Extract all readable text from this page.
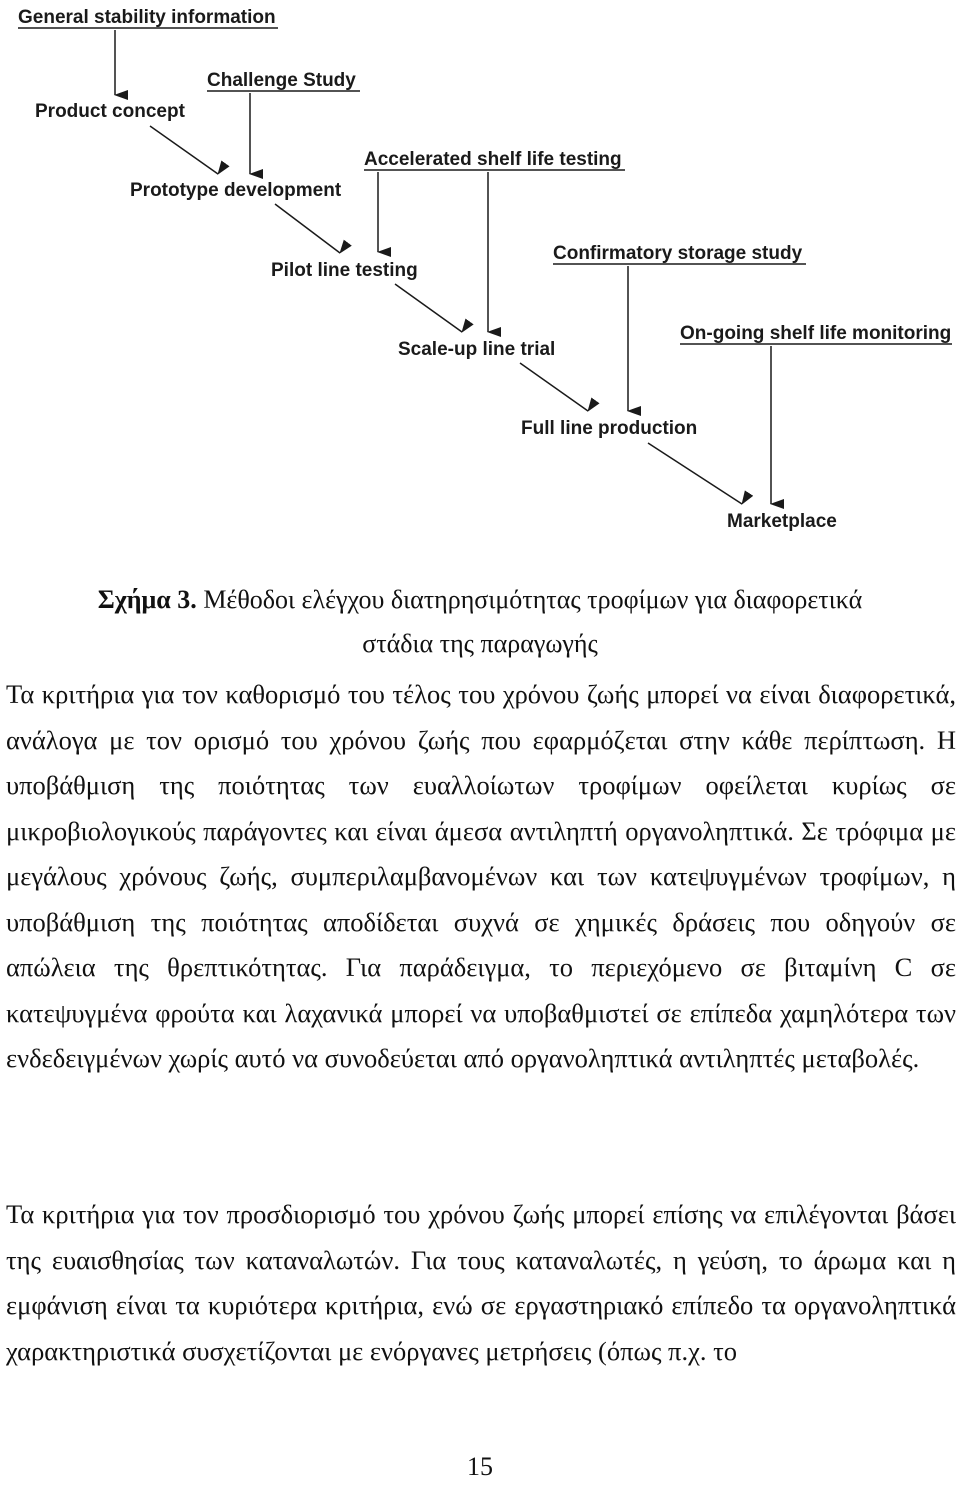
General stability information
Challenge Study
Accelerated shelf life testing
Confirmatory storage study
On-going shelf life monitoring
Product concept
Prototype development
Pilot line testing
Scale-up line trial
Full line production
Marketplace
Σχήμα 3. Μέθοδοι ελέγχου διατηρησιμότητας τροφίμων για διαφορετικά
στάδια της παραγωγής

Τα κριτήρια για τον καθορισμό του τέλος του χρόνου ζωής μπορεί να είναι διαφορετικά, ανάλογα με τον ορισμό του χρόνου ζωής που εφαρμόζεται στην κάθε περίπτωση. Η υποβάθμιση της ποιότητας των ευαλλοίωτων τροφίμων οφείλεται κυρίως σε μικροβιολογικούς παράγοντες και είναι άμεσα αντιληπτή οργανοληπτικά. Σε τρόφιμα με μεγάλους χρόνους ζωής, συμπεριλαμβανομένων και των κατεψυγμένων τροφίμων, η υποβάθμιση της ποιότητας αποδίδεται συχνά σε χημικές δράσεις που οδηγούν σε απώλεια της θρεπτικότητας. Για παράδειγμα, το περιεχόμενο σε βιταμίνη C σε κατεψυγμένα φρούτα και λαχανικά μπορεί να υποβαθμιστεί σε επίπεδα χαμηλότερα των ενδεδειγμένων χωρίς αυτό να συνοδεύεται από οργανοληπτικά αντιληπτές μεταβολές.

Τα κριτήρια για τον προσδιορισμό του χρόνου ζωής μπορεί επίσης να επιλέγονται βάσει της ευαισθησίας των καταναλωτών. Για τους καταναλωτές, η γεύση, το άρωμα και η εμφάνιση είναι τα κυριότερα κριτήρια, ενώ σε εργαστηριακό επίπεδο τα οργανοληπτικά χαρακτηριστικά συσχετίζονται με ενόργανες μετρήσεις (όπως π.χ. το

15
